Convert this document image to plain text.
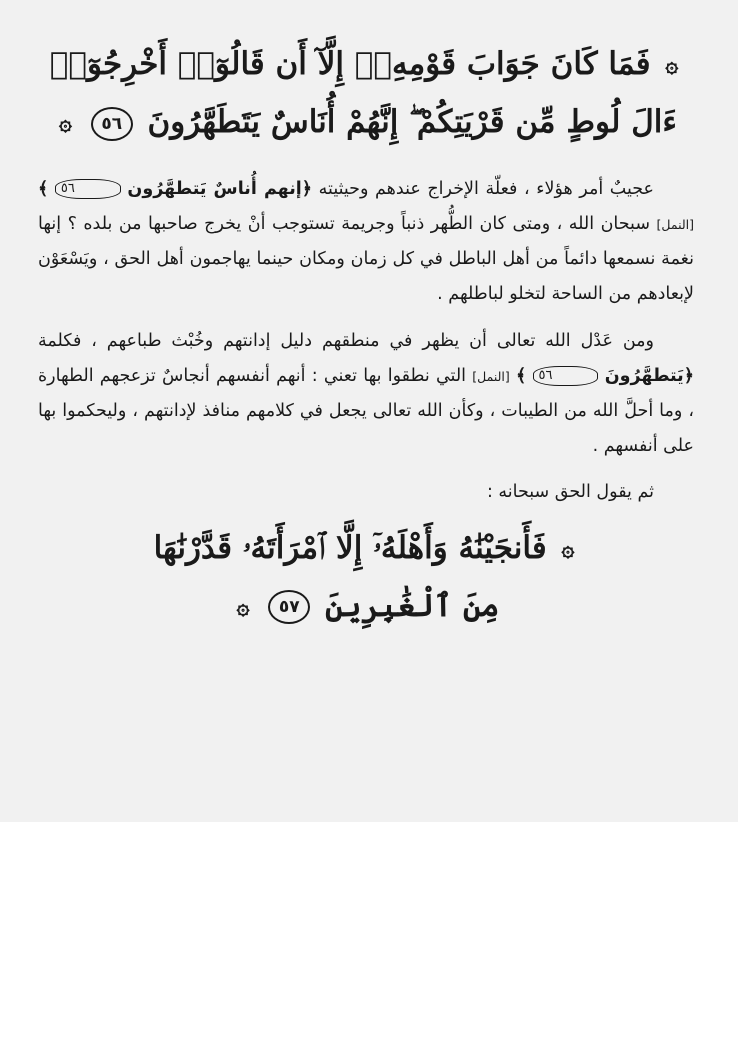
۞ فَمَا كَانَ جَوَابَ قَوْمِهِۦٓ إِلَّآ أَن قَالُوٓا۟ أَخْرِجُوٓا۟
ءَالَ لُوطٍ مِّن قَرْيَتِكُمْ ۖ إِنَّهُمْ أُنَاسٌ يَتَطَهَّرُونَ ٥٦ ۞

عجيبٌ أمر هؤلاء ، فعلّة الإخراج عندهم وحيثيته ﴿إنهم أُناسٌ يَتطهَّرُون ٥٦ ﴾ [النمل] سبحان الله ، ومتى كان الطُّهر ذنباً وجريمة تستوجب أنْ يخرج صاحبها من بلده ؟ إنها نغمة نسمعها دائماً من أهل الباطل في كل زمان ومكان حينما يهاجمون أهل الحق ، ويَسْعَوْن لإبعادهم من الساحة لتخلو لباطلهم .

ومن عَدْل الله تعالى أن يظهر في منطقهم دليل إدانتهم وخُبْث طباعهم ، فكلمة ﴿يَتطهَّرُونَ ٥٦ ﴾ [النمل] التي نطقوا بها تعني : أنهم أنفسهم أنجاسٌ تزعجهم الطهارة ، وما أحلَّ الله من الطيبات ، وكأن الله تعالى يجعل في كلامهم منافذ لإدانتهم ، وليحكموا بها على أنفسهم .

ثم يقول الحق سبحانه :

۞ فَأَنجَيْنَٰهُ وَأَهْلَهُۥٓ إِلَّا ٱمْرَأَتَهُۥ قَدَّرْنَٰهَا
مِنَ ٱلْغَٰبِرِينَ ٥٧ ۞
